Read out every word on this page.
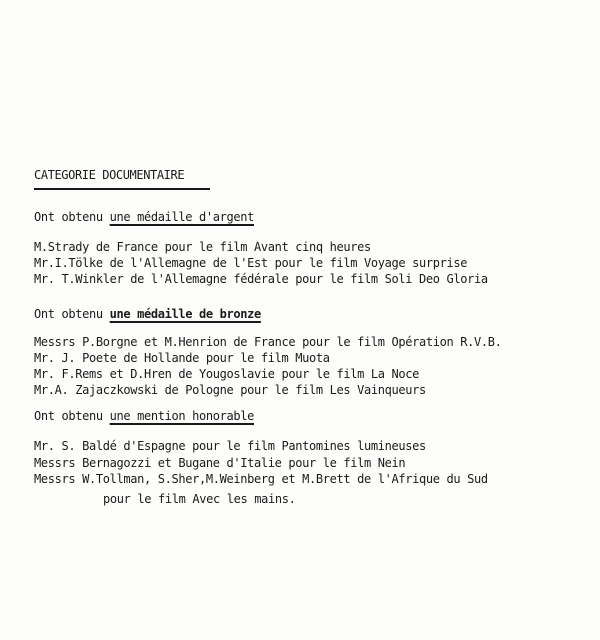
CATEGORIE DOCUMENTAIRE
Ont obtenu une médaille d'argent
M.Strady de France pour le film Avant cinq heures
Mr.I.Tölke de l'Allemagne de l'Est pour le film Voyage surprise
Mr. T.Winkler de l'Allemagne fédérale pour le film Soli Deo Gloria
Ont obtenu une médaille de bronze
Messrs P.Borgne et M.Henrion de France pour le film Opération R.V.B.
Mr. J. Poete de Hollande pour le film Muota
Mr. F.Rems et D.Hren de Yougoslavie pour le film La Noce
Mr.A. Zajaczkowski de Pologne pour le film Les Vainqueurs
Ont obtenu une mention honorable
Mr. S. Baldé d'Espagne pour le film Pantomines lumineuses
Messrs Bernagozzi et Bugane d'Italie pour le film Nein
Messrs W.Tollman, S.Sher,M.Weinberg et M.Brett de l'Afrique du Sud
pour le film Avec les mains.
